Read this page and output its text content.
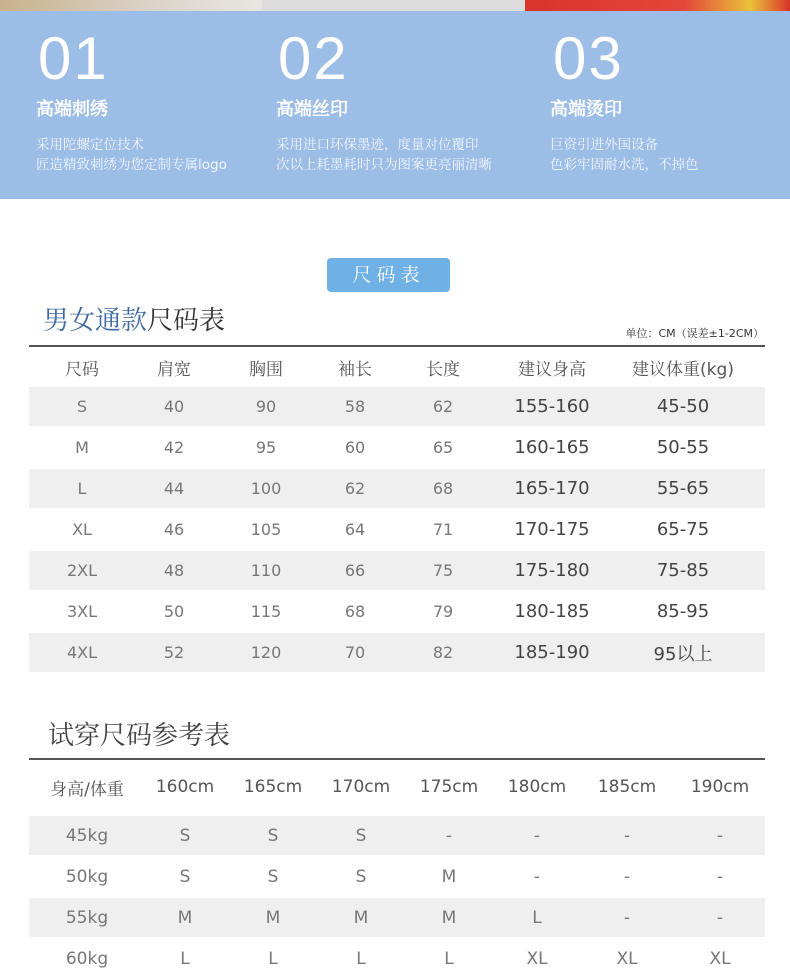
01
高端刺绣
采用陀螺定位技术
匠造精致刺绣为您定制专属logo
02
高端丝印
采用进口环保墨迹，度量对位覆印
次以上耗墨耗时只为图案更亮丽清晰
03
高端烫印
巨资引进外国设备
色彩牢固耐水洗，不掉色
尺码表
男女通款尺码表	单位：CM（误差±1-2CM）
尺码	肩宽	胸围	袖长	长度	建议身高	建议体重(kg)
S	40	90	58	62	155-160	45-50
M	42	95	60	65	160-165	50-55
L	44	100	62	68	165-170	55-65
XL	46	105	64	71	170-175	65-75
2XL	48	110	66	75	175-180	75-85
3XL	50	115	68	79	180-185	85-95
4XL	52	120	70	82	185-190	95以上
试穿尺码参考表
身高/体重	160cm	165cm	170cm	175cm	180cm	185cm	190cm
45kg	S	S	S	-	-	-	-
50kg	S	S	S	M	-	-	-
55kg	M	M	M	M	L	-	-
60kg	L	L	L	L	XL	XL	XL
